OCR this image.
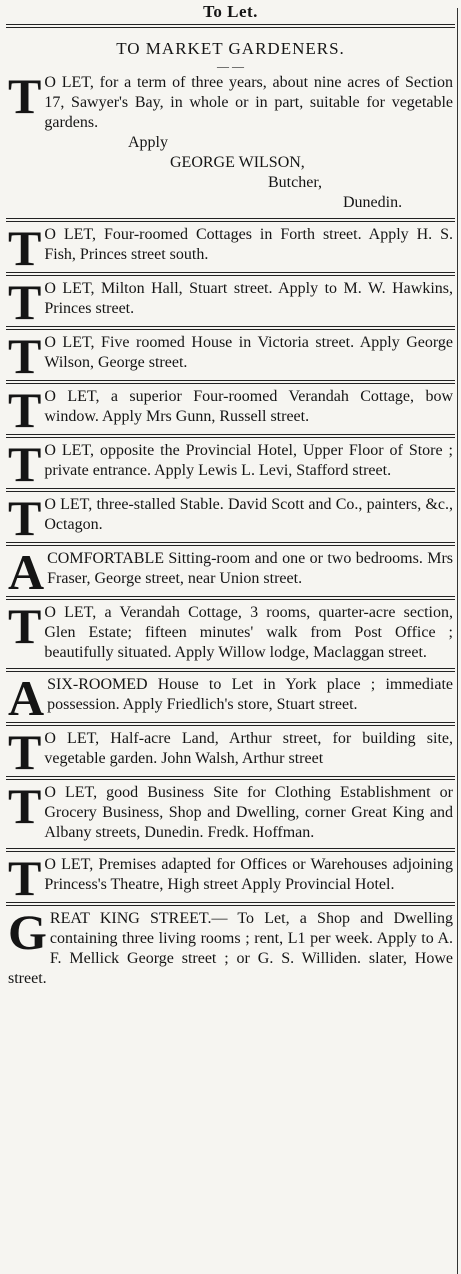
To Let.
TO MARKET GARDENERS.
— —
T O LET, for a term of three years, about nine acres of Section 17, Sawyer's Bay, in whole or in part, suitable for vegetable gardens.
Apply
GEORGE WILSON,
Butcher,
Dunedin.
T O LET, Four-roomed Cottages in Forth street. Apply H. S. Fish, Princes street south.
T O LET, Milton Hall, Stuart street. Apply to M. W. Hawkins, Princes street.
T O LET, Five roomed House in Victoria street. Apply George Wilson, George street.
T O LET, a superior Four-roomed Verandah Cottage, bow window. Apply Mrs Gunn, Russell street.
T O LET, opposite the Provincial Hotel, Upper Floor of Store ; private entrance. Apply Lewis L. Levi, Stafford street.
T O LET, three-stalled Stable. David Scott and Co., painters, &c., Octagon.
A COMFORTABLE Sitting-room and one or two bedrooms. Mrs Fraser, George street, near Union street.
T O LET, a Verandah Cottage, 3 rooms, quarter-acre section, Glen Estate; fifteen minutes' walk from Post Office ; beautifully situated. Apply Willow lodge, Maclaggan street.
A SIX-ROOMED House to Let in York place ; immediate possession. Apply Friedlich's store, Stuart street.
T O LET, Half-acre Land, Arthur street, for building site, vegetable garden. John Walsh, Arthur street
T O LET, good Business Site for Clothing Establishment or Grocery Business, Shop and Dwelling, corner Great King and Albany streets, Dunedin. Fredk. Hoffman.
T O LET, Premises adapted for Offices or Warehouses adjoining Princess's Theatre, High street Apply Provincial Hotel.
G REAT KING STREET.— To Let, a Shop and Dwelling containing three living rooms ; rent, L1 per week. Apply to A. F. Mellick George street ; or G. S. Williden. slater, Howe street.
